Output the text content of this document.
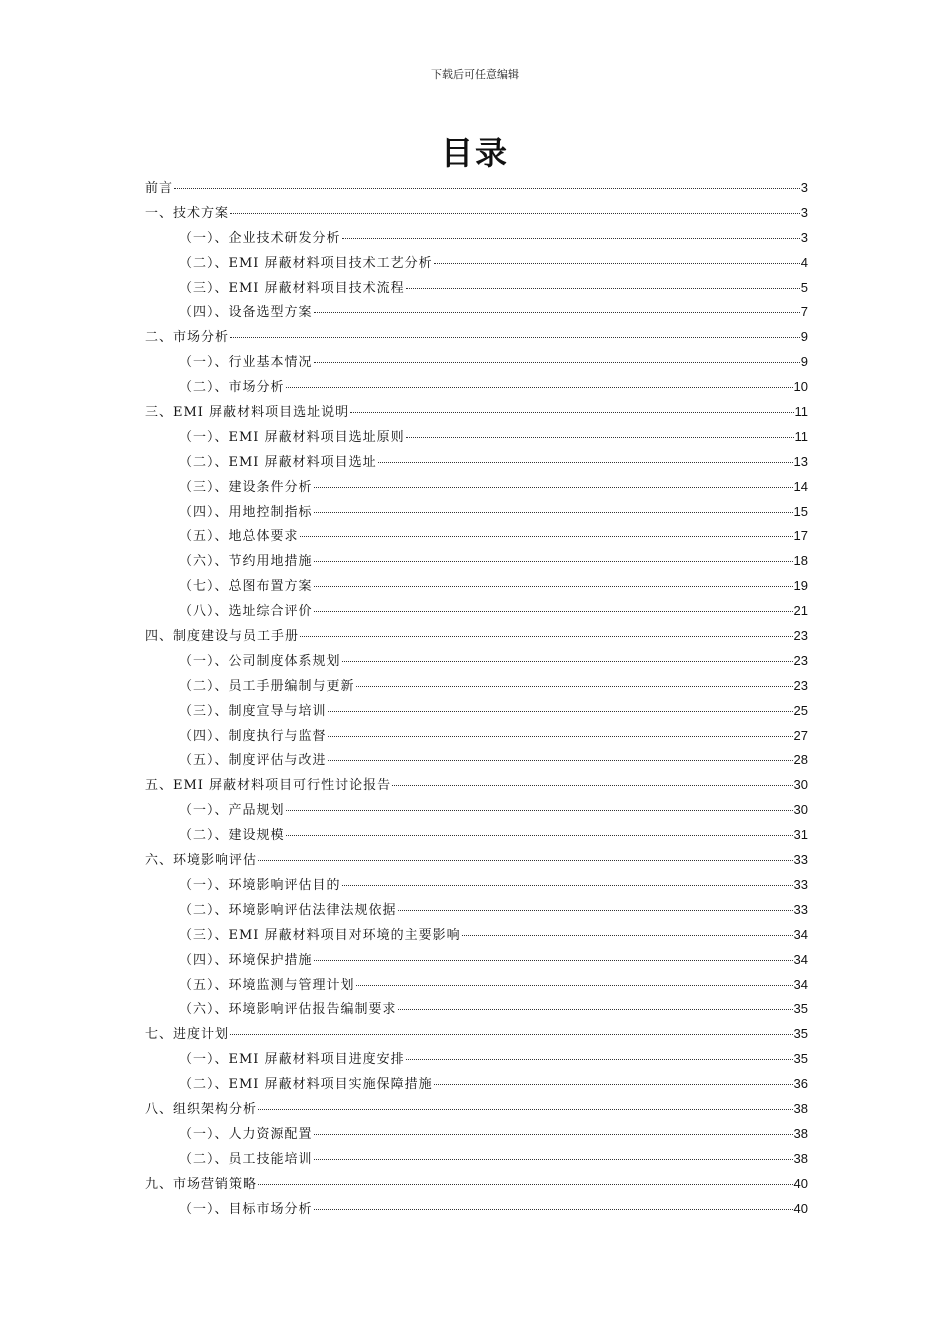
下载后可任意编辑
目录
前言	3
一、技术方案	3
（一）、企业技术研发分析	3
（二）、EMI 屏蔽材料项目技术工艺分析	4
（三）、EMI 屏蔽材料项目技术流程	5
（四）、设备选型方案	7
二、市场分析	9
（一）、行业基本情况	9
（二）、市场分析	10
三、EMI 屏蔽材料项目选址说明	11
（一）、EMI 屏蔽材料项目选址原则	11
（二）、EMI 屏蔽材料项目选址	13
（三）、建设条件分析	14
（四）、用地控制指标	15
（五）、地总体要求	17
（六）、节约用地措施	18
（七）、总图布置方案	19
（八）、选址综合评价	21
四、制度建设与员工手册	23
（一）、公司制度体系规划	23
（二）、员工手册编制与更新	23
（三）、制度宣导与培训	25
（四）、制度执行与监督	27
（五）、制度评估与改进	28
五、EMI 屏蔽材料项目可行性讨论报告	30
（一）、产品规划	30
（二）、建设规模	31
六、环境影响评估	33
（一）、环境影响评估目的	33
（二）、环境影响评估法律法规依据	33
（三）、EMI 屏蔽材料项目对环境的主要影响	34
（四）、环境保护措施	34
（五）、环境监测与管理计划	34
（六）、环境影响评估报告编制要求	35
七、进度计划	35
（一）、EMI 屏蔽材料项目进度安排	35
（二）、EMI 屏蔽材料项目实施保障措施	36
八、组织架构分析	38
（一）、人力资源配置	38
（二）、员工技能培训	38
九、市场营销策略	40
（一）、目标市场分析	40
